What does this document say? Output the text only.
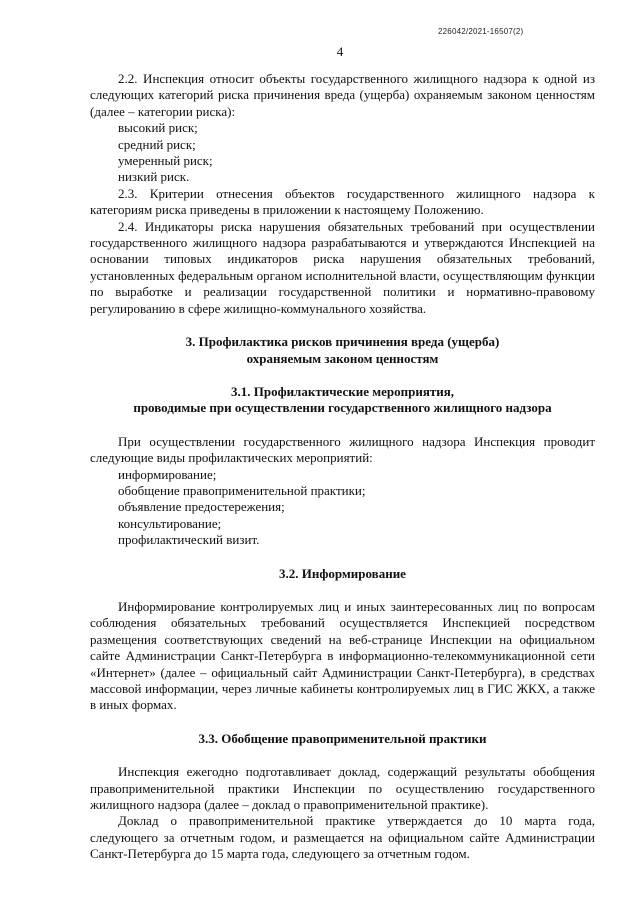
226042/2021-16507(2)
4

2.2. Инспекция относит объекты государственного жилищного надзора к одной из следующих категорий риска причинения вреда (ущерба) охраняемым законом ценностям (далее – категории риска):

высокий риск;

средний риск;

умеренный риск;

низкий риск.

2.3. Критерии отнесения объектов государственного жилищного надзора к категориям риска приведены в приложении к настоящему Положению.

2.4. Индикаторы риска нарушения обязательных требований при осуществлении государственного жилищного надзора разрабатываются и утверждаются Инспекцией на основании типовых индикаторов риска нарушения обязательных требований, установленных федеральным органом исполнительной власти, осуществляющим функции по выработке и реализации государственной политики и нормативно-правовому регулированию в сфере жилищно-коммунального хозяйства.

3. Профилактика рисков причинения вреда (ущерба)
охраняемым законом ценностям

3.1. Профилактические мероприятия,
проводимые при осуществлении государственного жилищного надзора

При осуществлении государственного жилищного надзора Инспекция проводит следующие виды профилактических мероприятий:

информирование;

обобщение правоприменительной практики;

объявление предостережения;

консультирование;

профилактический визит.

3.2. Информирование

Информирование контролируемых лиц и иных заинтересованных лиц по вопросам соблюдения обязательных требований осуществляется Инспекцией посредством размещения соответствующих сведений на веб-странице Инспекции на официальном сайте Администрации Санкт-Петербурга в информационно-телекоммуникационной сети «Интернет» (далее – официальный сайт Администрации Санкт-Петербурга), в средствах массовой информации, через личные кабинеты контролируемых лиц в ГИС ЖКХ, а также в иных формах.

3.3. Обобщение правоприменительной практики

Инспекция ежегодно подготавливает доклад, содержащий результаты обобщения правоприменительной практики Инспекции по осуществлению государственного жилищного надзора (далее – доклад о правоприменительной практике).

Доклад о правоприменительной практике утверждается до 10 марта года, следующего за отчетным годом, и размещается на официальном сайте Администрации Санкт-Петербурга до 15 марта года, следующего за отчетным годом.
